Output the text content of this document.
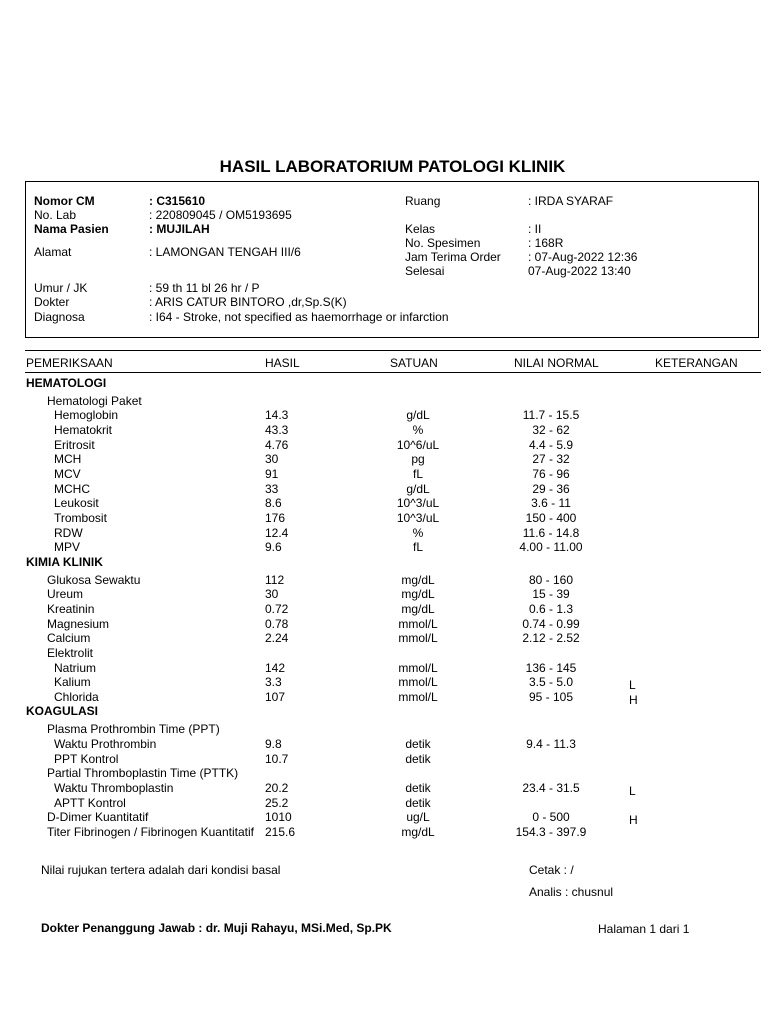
HASIL LABORATORIUM PATOLOGI KLINIK
Nomor CM	: C315610
No. Lab	: 220809045 / OM5193695
Nama Pasien	: MUJILAH
Alamat	: LAMONGAN TENGAH III/6
Umur / JK	: 59 th 11 bl 26 hr / P
Dokter	: ARIS CATUR BINTORO ,dr,Sp.S(K)
Diagnosa	: I64 - Stroke, not specified as haemorrhage or infarction
Ruang	: IRDA SYARAF
Kelas	: II
No. Spesimen	: 168R
Jam Terima Order : 07-Aug-2022 12:36
Selesai	07-Aug-2022 13:40
PEMERIKSAAN	HASIL	SATUAN	NILAI NORMAL	KETERANGAN
HEMATOLOGI
Hematologi Paket
Hemoglobin	14.3	g/dL	11.7 - 15.5
Hematokrit	43.3	%	32 - 62
Eritrosit	4.76	10^6/uL	4.4 - 5.9
MCH	30	pg	27 - 32
MCV	91	fL	76 - 96
MCHC	33	g/dL	29 - 36
Leukosit	8.6	10^3/uL	3.6 - 11
Trombosit	176	10^3/uL	150 - 400
RDW	12.4	%	11.6 - 14.8
MPV	9.6	fL	4.00 - 11.00
KIMIA KLINIK
Glukosa Sewaktu	112	mg/dL	80 - 160
Ureum	30	mg/dL	15 - 39
Kreatinin	0.72	mg/dL	0.6 - 1.3
Magnesium	0.78	mmol/L	0.74 - 0.99
Calcium	2.24	mmol/L	2.12 - 2.52
Elektrolit
Natrium	142	mmol/L	136 - 145
Kalium	3.3	mmol/L	3.5 - 5.0	L
Chlorida	107	mmol/L	95 - 105	H
KOAGULASI
Plasma Prothrombin Time (PPT)
Waktu Prothrombin	9.8	detik	9.4 - 11.3
PPT Kontrol	10.7	detik
Partial Thromboplastin Time (PTTK)
Waktu Thromboplastin	20.2	detik	23.4 - 31.5	L
APTT Kontrol	25.2	detik
D-Dimer Kuantitatif	1010	ug/L	0 - 500	H
Titer Fibrinogen / Fibrinogen Kuantitatif 215.6	mg/dL	154.3 - 397.9
Nilai rujukan tertera adalah dari kondisi basal	Cetak : /
Analis : chusnul
Dokter Penanggung Jawab : dr. Muji Rahayu, MSi.Med, Sp.PK	Halaman 1 dari 1
